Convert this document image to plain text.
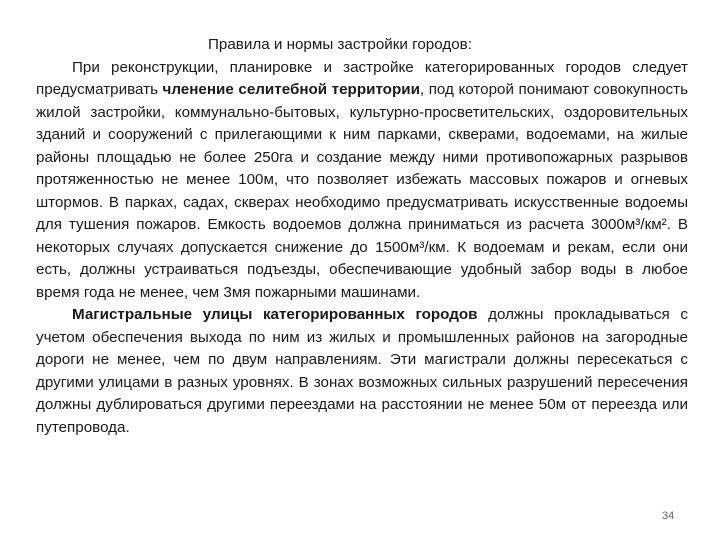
Правила и нормы застройки городов:

При реконструкции, планировке и застройке категорированных городов следует предусматривать членение селитебной территории, под которой понимают совокупность жилой застройки, коммунально-бытовых, культурно-просветительских, оздоровительных зданий и сооружений с прилегающими к ним парками, скверами, водоемами, на жилые районы площадью не более 250га и создание между ними противопожарных разрывов протяженностью не менее 100м, что позволяет избежать массовых пожаров и огневых штормов. В парках, садах, скверах необходимо предусматривать искусственные водоемы для тушения пожаров. Емкость водоемов должна приниматься из расчета 3000м³/км². В некоторых случаях допускается снижение до 1500м³/км. К водоемам и рекам, если они есть, должны устраиваться подъезды, обеспечивающие удобный забор воды в любое время года не менее, чем 3мя пожарными машинами.

Магистральные улицы категорированных городов должны прокладываться с учетом обеспечения выхода по ним из жилых и промышленных районов на загородные дороги не менее, чем по двум направлениям. Эти магистрали должны пересекаться с другими улицами в разных уровнях. В зонах возможных сильных разрушений пересечения должны дублироваться другими переездами на расстоянии не менее 50м от переезда или путепровода.

34
